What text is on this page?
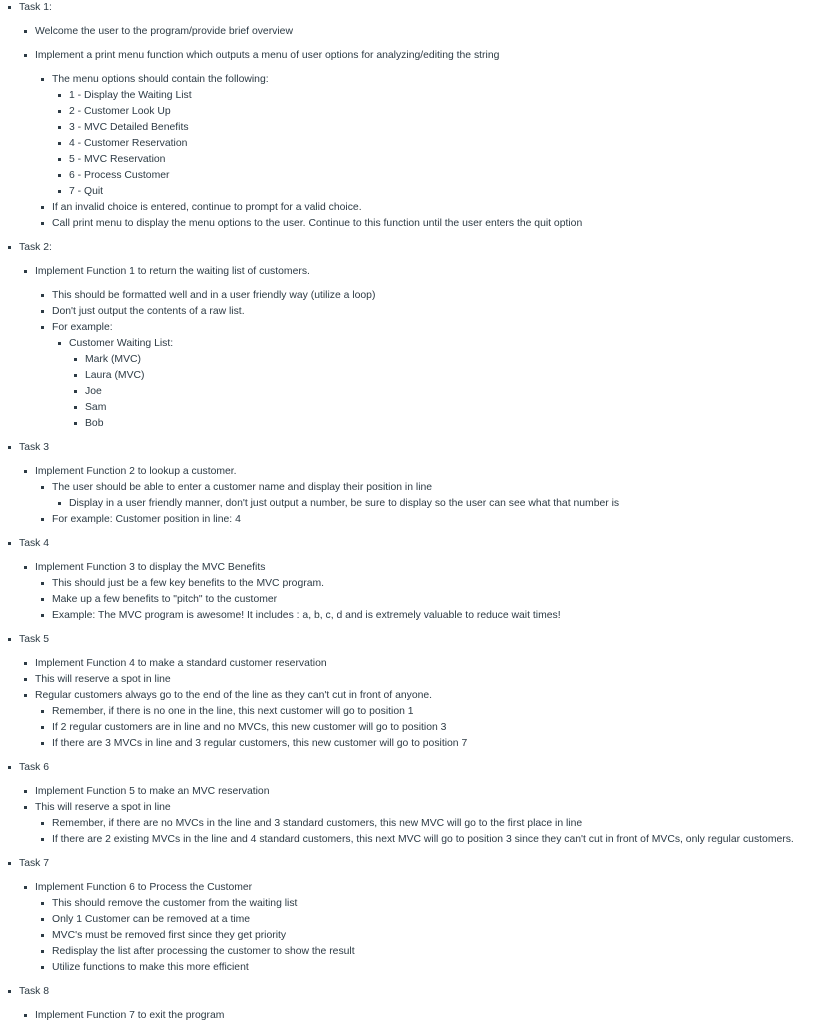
Task 1:
Welcome the user to the program/provide brief overview
Implement a print menu function which outputs a menu of user options for analyzing/editing the string
The menu options should contain the following:
1 - Display the Waiting List
2 - Customer Look Up
3 - MVC Detailed Benefits
4 - Customer Reservation
5 - MVC Reservation
6 - Process Customer
7 - Quit
If an invalid choice is entered, continue to prompt for a valid choice.
Call print menu to display the menu options to the user. Continue to this function until the user enters the quit option
Task 2:
Implement Function 1 to return the waiting list of customers.
This should be formatted well and in a user friendly way (utilize a loop)
Don't just output the contents of a raw list.
For example:
Customer Waiting List:
Mark (MVC)
Laura (MVC)
Joe
Sam
Bob
Task 3
Implement Function 2 to lookup a customer.
The user should be able to enter a customer name and display their position in line
Display in a user friendly manner, don't just output a number, be sure to display so the user can see what that number is
For example: Customer position in line: 4
Task 4
Implement Function 3 to display the MVC Benefits
This should just be a few key benefits to the MVC program.
Make up a few benefits to "pitch" to the customer
Example: The MVC program is awesome! It includes : a, b, c, d and is extremely valuable to reduce wait times!
Task 5
Implement Function 4 to make a standard customer reservation
This will reserve a spot in line
Regular customers always go to the end of the line as they can't cut in front of anyone.
Remember, if there is no one in the line, this next customer will go to position 1
If 2 regular customers are in line and no MVCs, this new customer will go to position 3
If there are 3 MVCs in line and 3 regular customers, this new customer will go to position 7
Task 6
Implement Function 5 to make an MVC reservation
This will reserve a spot in line
Remember, if there are no MVCs in the line and 3 standard customers, this new MVC will go to the first place in line
If there are 2 existing MVCs in the line and 4 standard customers, this next MVC will go to position 3 since they can't cut in front of MVCs, only regular customers.
Task 7
Implement Function 6 to Process the Customer
This should remove the customer from the waiting list
Only 1 Customer can be removed at a time
MVC's must be removed first since they get priority
Redisplay the list after processing the customer to show the result
Utilize functions to make this more efficient
Task 8
Implement Function 7 to exit the program
